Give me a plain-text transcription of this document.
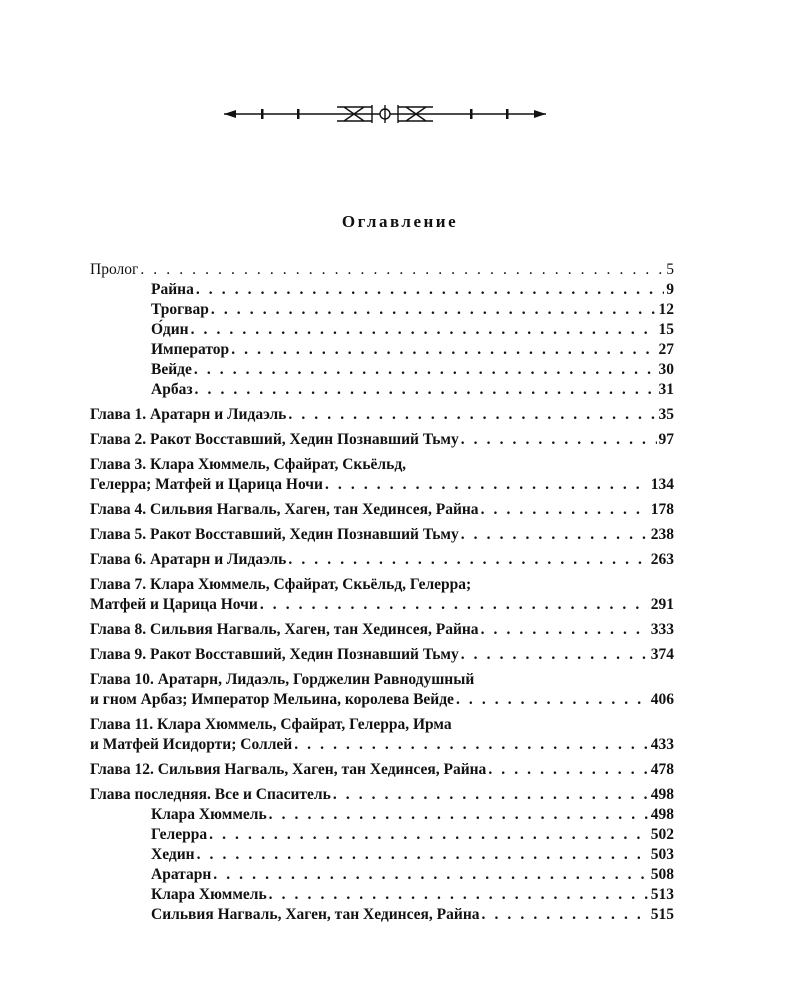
Оглавление
Пролог . . .	5
Райна . . .	9
Трогвар . . .	12
О́дин . . .	15
Император . . .	27
Вейде . . .	30
Арбаз . . .	31
Глава 1. Аратарн и Лидаэль . . .	35
Глава 2. Ракот Восставший, Хедин Познавший Тьму . . .	97
Глава 3. Клара Хюммель, Сфайрат, Скьёльд,
Гелерра; Матфей и Царица Ночи . . .	134
Глава 4. Сильвия Нагваль, Хаген, тан Хединсея, Райна . . .	178
Глава 5. Ракот Восставший, Хедин Познавший Тьму . . .	238
Глава 6. Аратарн и Лидаэль . . .	263
Глава 7. Клара Хюммель, Сфайрат, Скьёльд, Гелерра;
Матфей и Царица Ночи . . .	291
Глава 8. Сильвия Нагваль, Хаген, тан Хединсея, Райна . . .	333
Глава 9. Ракот Восставший, Хедин Познавший Тьму . . .	374
Глава 10. Аратарн, Лидаэль, Горджелин Равнодушный
и гном Арбаз; Император Мельина, королева Вейде . . .	406
Глава 11. Клара Хюммель, Сфайрат, Гелерра, Ирма
и Матфей Исидорти; Соллей . . .	433
Глава 12. Сильвия Нагваль, Хаген, тан Хединсея, Райна . . .	478
Глава последняя. Все и Спаситель . . .	498
Клара Хюммель . . .	498
Гелерра . . .	502
Хедин . . .	503
Аратарн . . .	508
Клара Хюммель . . .	513
Сильвия Нагваль, Хаген, тан Хединсея, Райна . . .	515
